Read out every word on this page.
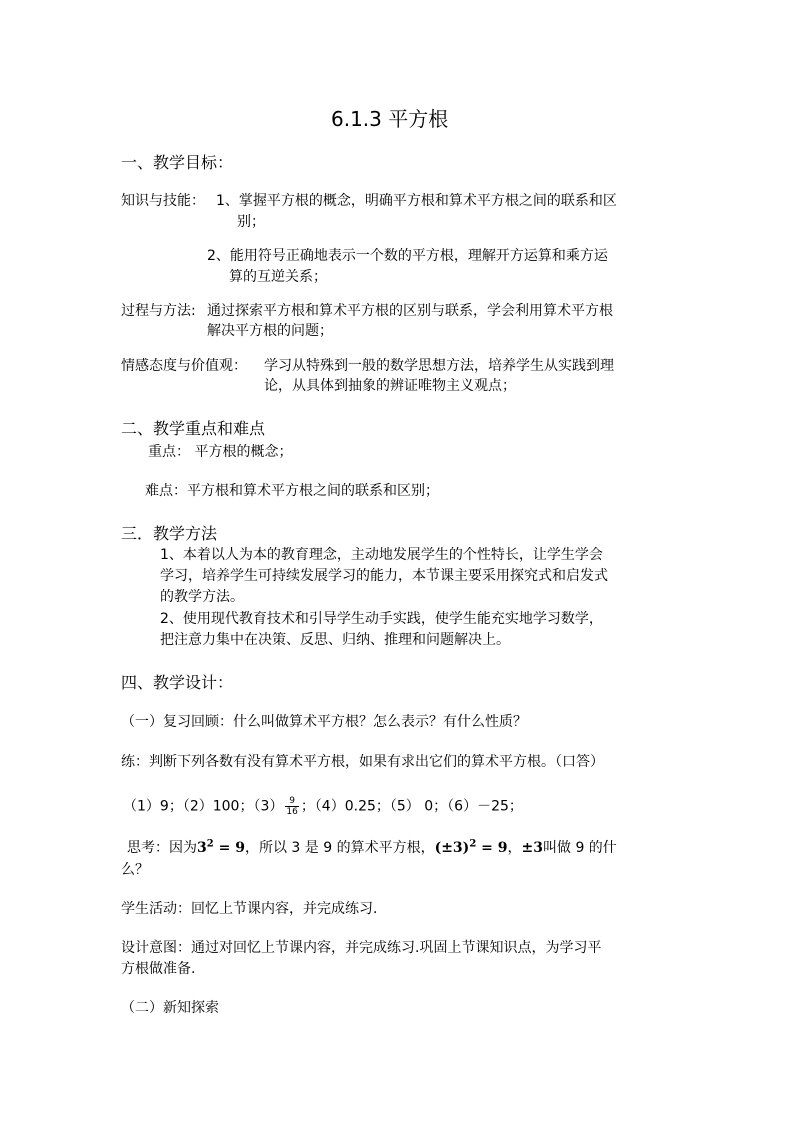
6.1.3 平方根
一、教学目标：
知识与技能： 1、掌握平方根的概念，明确平方根和算术平方根之间的联系和区
别；
2、能用符号正确地表示一个数的平方根，理解开方运算和乘方运
算的互逆关系；
过程与方法: 通过探索平方根和算术平方根的区别与联系，学会利用算术平方根
解决平方根的问题；
情感态度与价值观： 学习从特殊到一般的数学思想方法，培养学生从实践到理
论，从具体到抽象的辨证唯物主义观点；
二、教学重点和难点
重点： 平方根的概念；
难点：平方根和算术平方根之间的联系和区别；
三．教学方法
1、本着以人为本的教育理念，主动地发展学生的个性特长，让学生学会
学习，培养学生可持续发展学习的能力，本节课主要采用探究式和启发式
的教学方法。
2、使用现代教育技术和引导学生动手实践，使学生能充实地学习数学，
把注意力集中在决策、反思、归纳、推理和问题解决上。
四、教学设计：
（一）复习回顾：什么叫做算术平方根？怎么表示？有什么性质？
练：判断下列各数有没有算术平方根，如果有求出它们的算术平方根。（口答）
（1）9；（2）100；$(3) \frac{9}{16}$ ；（4）0.25；（5） 0；（6）－25；
思考：因为$3^2 = 9$，所以 3 是 9 的算术平方根，$(\pm 3)^2 = 9$，±3叫做 9 的什
么？
学生活动：回忆上节课内容，并完成练习.
设计意图：通过对回忆上节课内容，并完成练习.巩固上节课知识点，为学习平
方根做准备.
（二）新知探索
